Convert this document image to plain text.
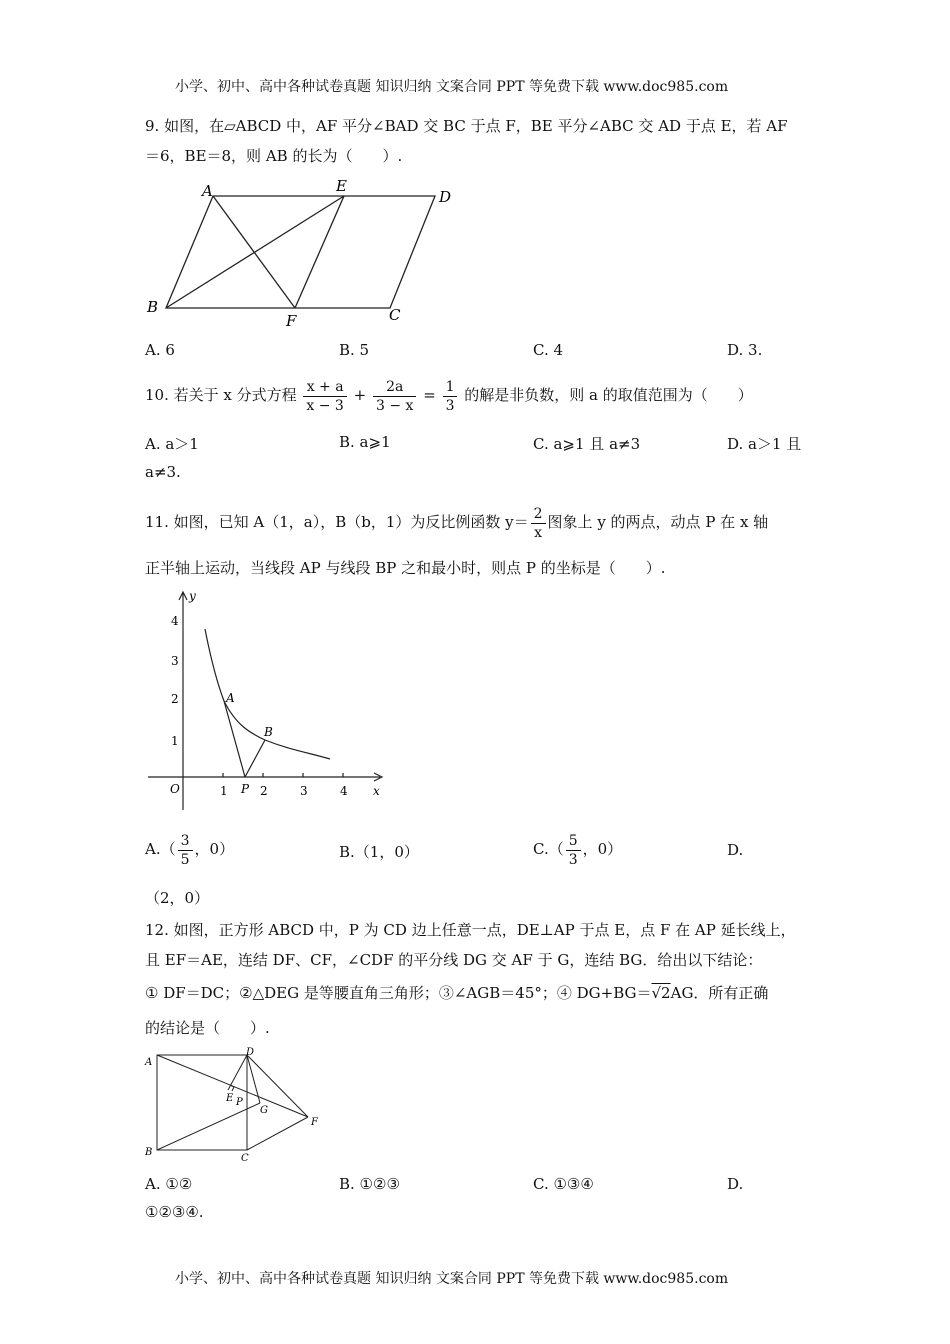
小学、初中、高中各种试卷真题 知识归纳 文案合同 PPT 等免费下载 www.doc985.com
9. 如图，在▱ABCD 中，AF 平分∠BAD 交 BC 于点 F，BE 平分∠ABC 交 AD 于点 E，若 AF
＝6，BE＝8，则 AB 的长为（　　）.
A	E
D
B
F	C
A. 6	B. 5	C. 4	D. 3.
10. 若关于 x 分式方程 $\frac{x + a}{x - 3} + \frac{2a}{3 - x} = \frac{1}{3}$ 的解是非负数，则 a 的取值范围为（　　）
A. a＞1	B. a⩾1	C. a⩾1 且 a≠3	D. a＞1 且
a≠3.
11. 如图，已知 A（1，a），B（b，1）为反比例函数 $y= \frac{2}{x}$ 图象上 y 的两点，动点 P 在 x 轴
正半轴上运动，当线段 AP 与线段 BP 之和最小时，则点 P 的坐标是（　　）.
y
x
O	1	2	3	4
1
2
3
4
A
B
P
$A.( \frac{3}{5}$ ，0）	B.（1，0）	$C.( \frac{5}{3}$ ，0）	D.
（2，0）
12. 如图，正方形 ABCD 中，P 为 CD 边上任意一点，DE⊥AP 于点 E，点 F 在 AP 延长线上，
且 EF＝AE，连结 DF、CF，∠CDF 的平分线 DG 交 AF 于 G，连结 BG．给出以下结论：
① DF＝DC；②△DEG 是等腰直角三角形；③∠AGB＝45°；④ DG+BG＝√2AG．所有正确
的结论是（　　）.
A
D
E P
G
F
B
C
A. ①②	B. ①②③	C. ①③④	D.
①②③④.
小学、初中、高中各种试卷真题 知识归纳 文案合同 PPT 等免费下载 www.doc985.com
